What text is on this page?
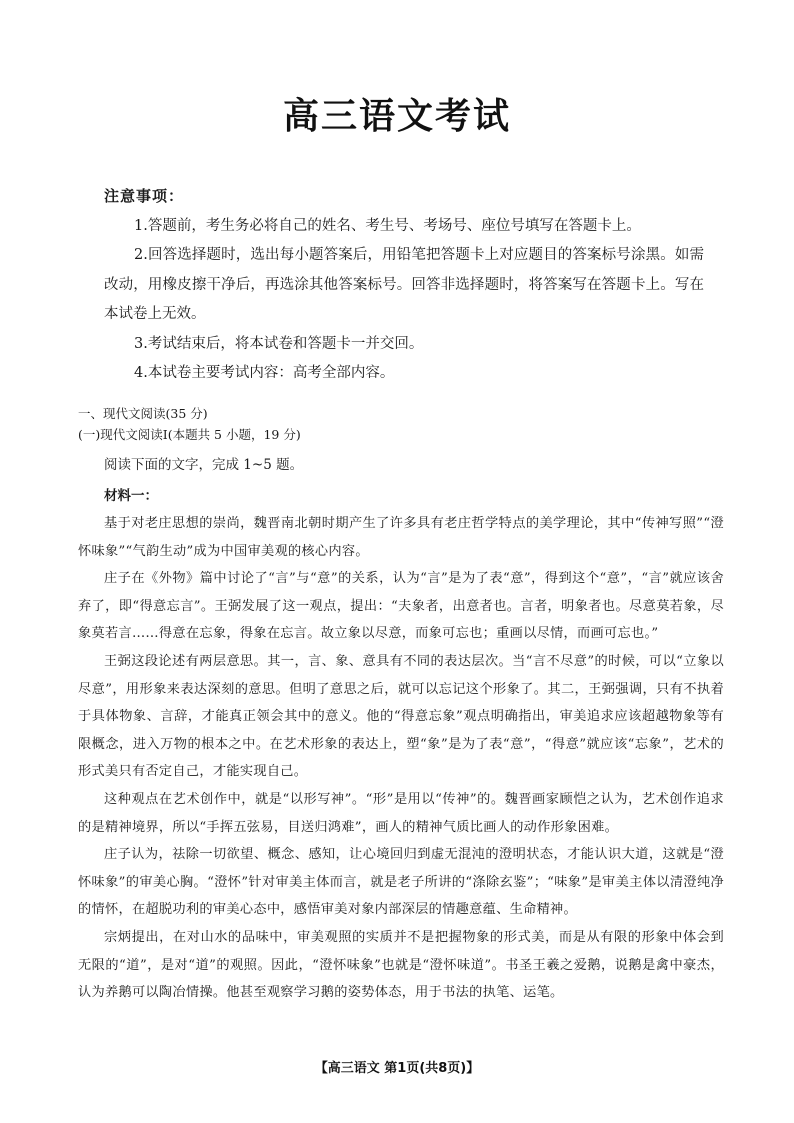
高三语文考试
注意事项：
1.答题前，考生务必将自己的姓名、考生号、考场号、座位号填写在答题卡上。
2.回答选择题时，选出每小题答案后，用铅笔把答题卡上对应题目的答案标号涂黑。如需改动，用橡皮擦干净后，再选涂其他答案标号。回答非选择题时，将答案写在答题卡上。写在本试卷上无效。
3.考试结束后，将本试卷和答题卡一并交回。
4.本试卷主要考试内容：高考全部内容。
一、现代文阅读(35 分)
(一)现代文阅读Ⅰ(本题共 5 小题，19 分)
阅读下面的文字，完成 1~5 题。
材料一：

基于对老庄思想的崇尚，魏晋南北朝时期产生了许多具有老庄哲学特点的美学理论，其中“传神写照”“澄怀味象”“气韵生动”成为中国审美观的核心内容。

庄子在《外物》篇中讨论了“言”与“意”的关系，认为“言”是为了表“意”，得到这个“意”，“言”就应该舍弃了，即“得意忘言”。王弼发展了这一观点，提出：“夫象者，出意者也。言者，明象者也。尽意莫若象，尽象莫若言……得意在忘象，得象在忘言。故立象以尽意，而象可忘也；重画以尽情，而画可忘也。”

王弼这段论述有两层意思。其一，言、象、意具有不同的表达层次。当“言不尽意”的时候，可以“立象以尽意”，用形象来表达深刻的意思。但明了意思之后，就可以忘记这个形象了。其二，王弼强调，只有不执着于具体物象、言辞，才能真正领会其中的意义。他的“得意忘象”观点明确指出，审美追求应该超越物象等有限概念，进入万物的根本之中。在艺术形象的表达上，塑“象”是为了表“意”，“得意”就应该“忘象”，艺术的形式美只有否定自己，才能实现自己。

这种观点在艺术创作中，就是“以形写神”。“形”是用以“传神”的。魏晋画家顾恺之认为，艺术创作追求的是精神境界，所以“手挥五弦易，目送归鸿难”，画人的精神气质比画人的动作形象困难。

庄子认为，祛除一切欲望、概念、感知，让心境回归到虚无混沌的澄明状态，才能认识大道，这就是“澄怀味象”的审美心胸。“澄怀”针对审美主体而言，就是老子所讲的“涤除玄鉴”；“味象”是审美主体以清澄纯净的情怀，在超脱功利的审美心态中，感悟审美对象内部深层的情趣意蕴、生命精神。

宗炳提出，在对山水的品味中，审美观照的实质并不是把握物象的形式美，而是从有限的形象中体会到无限的“道”，是对“道”的观照。因此，“澄怀味象”也就是“澄怀味道”。书圣王羲之爱鹅，说鹅是禽中豪杰，认为养鹅可以陶冶情操。他甚至观察学习鹅的姿势体态，用于书法的执笔、运笔。

【高三语文 第1页(共8页)】
